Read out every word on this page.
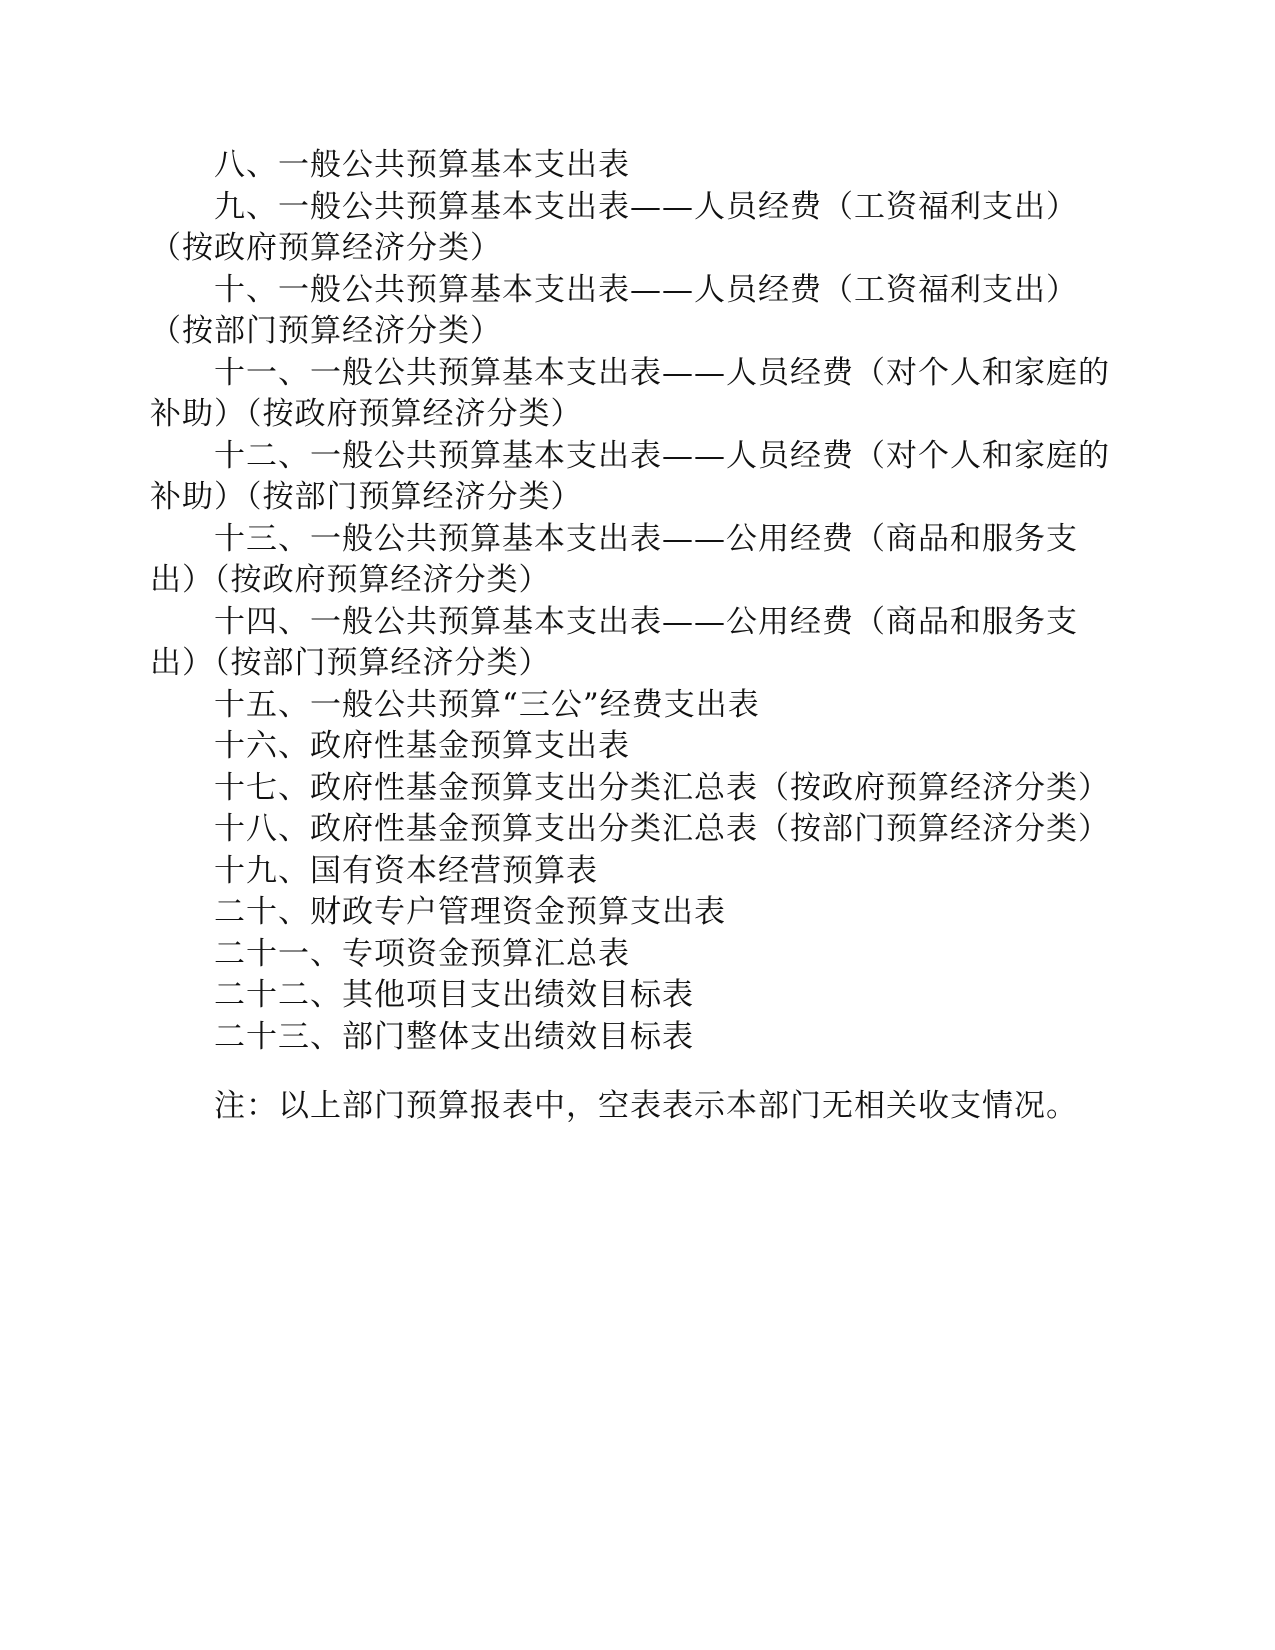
八、一般公共预算基本支出表

九、一般公共预算基本支出表——人员经费（工资福利支出）（按政府预算经济分类）

十、一般公共预算基本支出表——人员经费（工资福利支出）（按部门预算经济分类）

十一、一般公共预算基本支出表——人员经费（对个人和家庭的补助）（按政府预算经济分类）

十二、一般公共预算基本支出表——人员经费（对个人和家庭的补助）（按部门预算经济分类）

十三、一般公共预算基本支出表——公用经费（商品和服务支出）（按政府预算经济分类）

十四、一般公共预算基本支出表——公用经费（商品和服务支出）（按部门预算经济分类）

十五、一般公共预算“三公”经费支出表

十六、政府性基金预算支出表

十七、政府性基金预算支出分类汇总表（按政府预算经济分类）

十八、政府性基金预算支出分类汇总表（按部门预算经济分类）

十九、国有资本经营预算表

二十、财政专户管理资金预算支出表

二十一、专项资金预算汇总表

二十二、其他项目支出绩效目标表

二十三、部门整体支出绩效目标表

注：以上部门预算报表中，空表表示本部门无相关收支情况。
